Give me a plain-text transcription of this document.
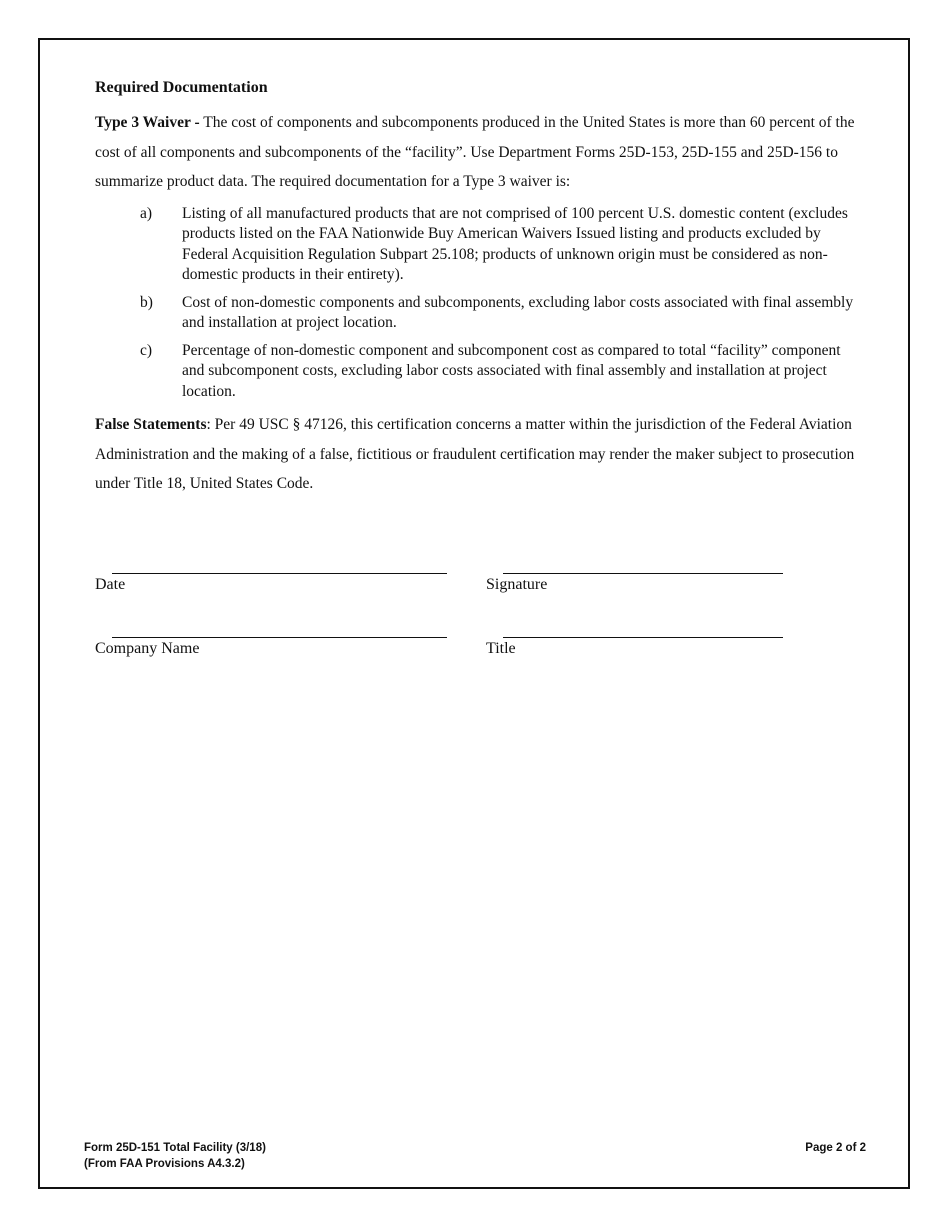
Required Documentation

Type 3 Waiver - The cost of components and subcomponents produced in the United States is more than 60 percent of the cost of all components and subcomponents of the “facility”. Use Department Forms 25D-153, 25D-155 and 25D-156 to summarize product data. The required documentation for a Type 3 waiver is:

a) Listing of all manufactured products that are not comprised of 100 percent U.S. domestic content (excludes products listed on the FAA Nationwide Buy American Waivers Issued listing and products excluded by Federal Acquisition Regulation Subpart 25.108; products of unknown origin must be considered as non-domestic products in their entirety).
b) Cost of non-domestic components and subcomponents, excluding labor costs associated with final assembly and installation at project location.
c) Percentage of non-domestic component and subcomponent cost as compared to total “facility” component and subcomponent costs, excluding labor costs associated with final assembly and installation at project location.

False Statements: Per 49 USC § 47126, this certification concerns a matter within the jurisdiction of the Federal Aviation Administration and the making of a false, fictitious or fraudulent certification may render the maker subject to prosecution under Title 18, United States Code.

Date	Signature
Company Name	Title
Form 25D-151 Total Facility (3/18)
(From FAA Provisions A4.3.2)
Page 2 of 2
